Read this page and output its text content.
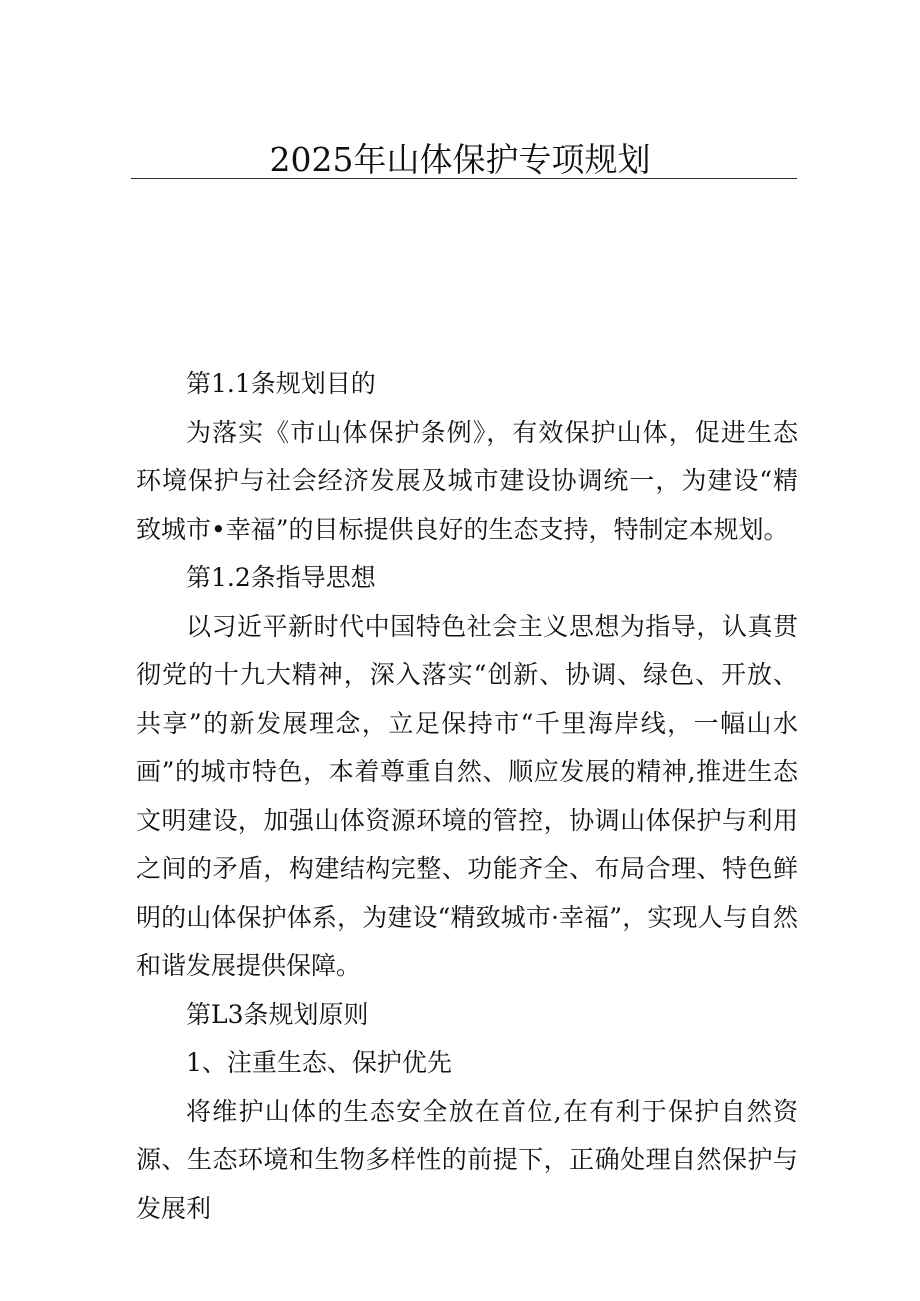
2025年山体保护专项规划

第1.1条规划目的

为落实《市山体保护条例》，有效保护山体，促进生态环境保护与社会经济发展及城市建设协调统一，为建设“精致城市•幸福”的目标提供良好的生态支持，特制定本规划。

第1.2条指导思想

以习近平新时代中国特色社会主义思想为指导，认真贯彻党的十九大精神，深入落实“创新、协调、绿色、开放、共享”的新发展理念，立足保持市“千里海岸线，一幅山水画”的城市特色，本着尊重自然、顺应发展的精神,推进生态文明建设，加强山体资源环境的管控，协调山体保护与利用之间的矛盾，构建结构完整、功能齐全、布局合理、特色鲜明的山体保护体系，为建设“精致城市·幸福”，实现人与自然和谐发展提供保障。

第L3条规划原则

1、注重生态、保护优先

将维护山体的生态安全放在首位,在有利于保护自然资源、生态环境和生物多样性的前提下，正确处理自然保护与发展利
